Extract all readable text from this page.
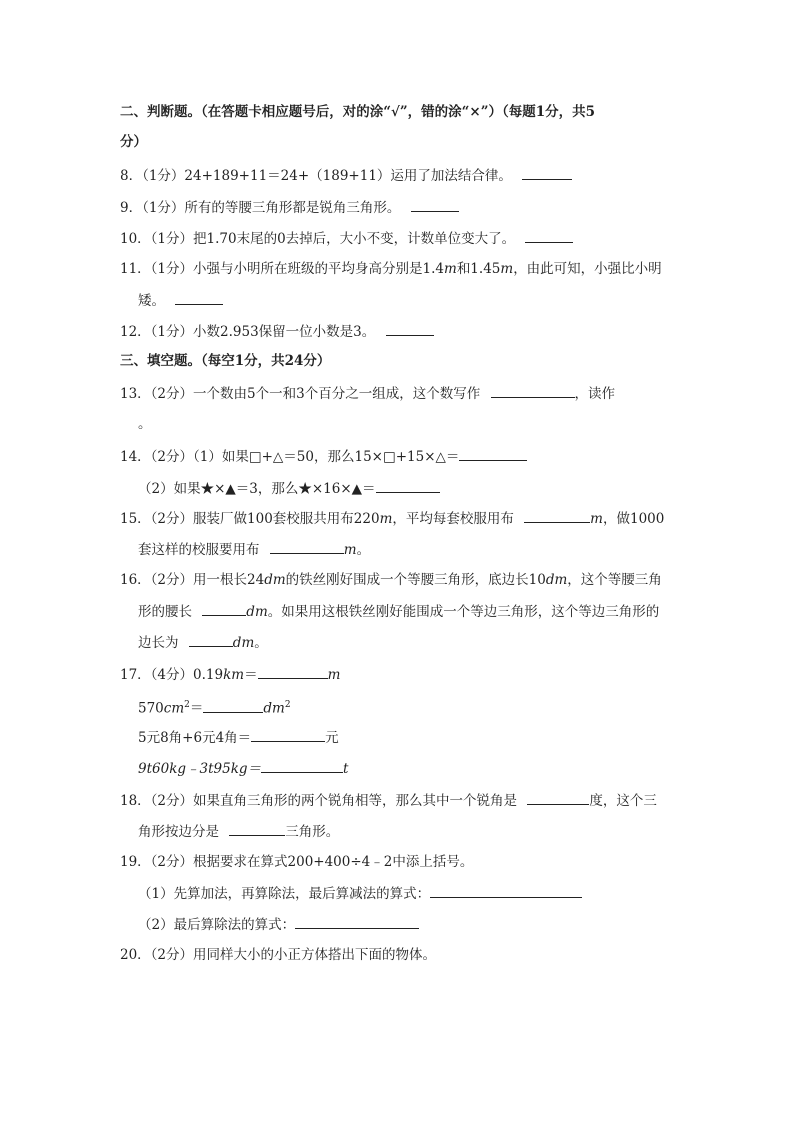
二、判断题。（在答题卡相应题号后，对的涂“√”，错的涂“×”）（每题1分，共5
分）
8．（1分）24+189+11＝24+（189+11）运用了加法结合律。
9．（1分）所有的等腰三角形都是锐角三角形。
10．（1分）把1.70末尾的0去掉后，大小不变，计数单位变大了。
11．（1分）小强与小明所在班级的平均身高分别是1.4m和1.45m，由此可知，小强比小明
矮。
12．（1分）小数2.953保留一位小数是3。
三、填空题。（每空1分，共24分）
13．（2分）一个数由5个一和3个百分之一组成，这个数写作	，读作
。
14．（2分）（1）如果□+△＝50，那么15×□+15×△＝
（2）如果★×▲＝3，那么★×16×▲＝
15．（2分）服装厂做100套校服共用布220m，平均每套校服用布	m，做1000
套这样的校服要用布	m。
16．（2分）用一根长24dm的铁丝刚好围成一个等腰三角形，底边长10dm，这个等腰三角
形的腰长	dm。如果用这根铁丝刚好能围成一个等边三角形，这个等边三角形的
边长为	dm。
17．（4分）0.19km＝	m
$570cm^2=$	$dm^2$
5元8角+6元4角＝	元
9t60kg﹣3t95kg＝	t
18．（2分）如果直角三角形的两个锐角相等，那么其中一个锐角是	度，这个三
角形按边分是	三角形。
19．（2分）根据要求在算式200+400÷4﹣2中添上括号。
（1）先算加法，再算除法，最后算减法的算式：
（2）最后算除法的算式：
20．（2分）用同样大小的小正方体搭出下面的物体。
